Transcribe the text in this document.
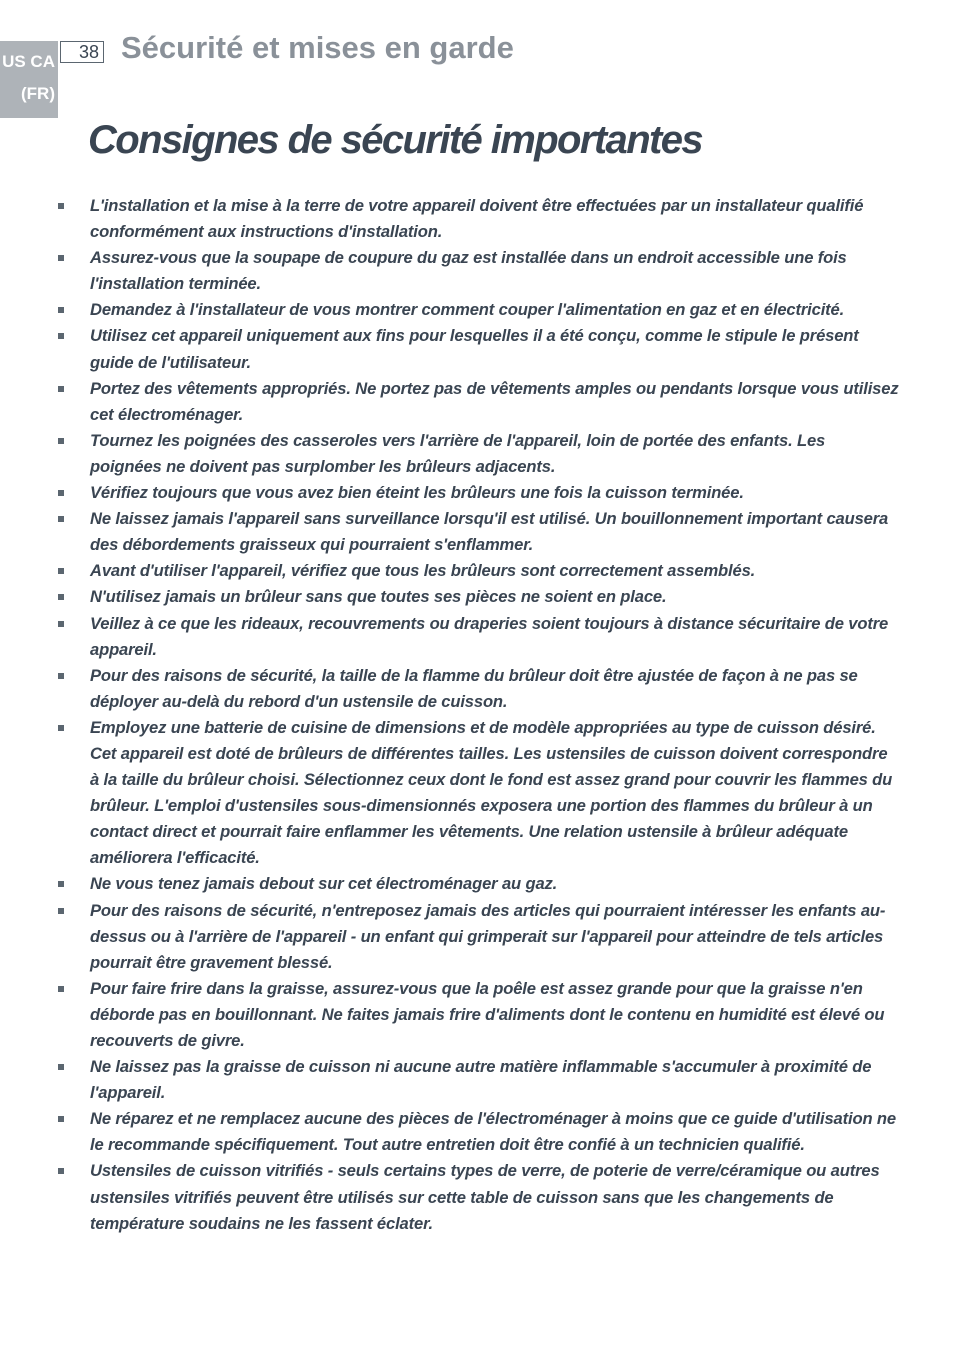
US CA
(FR)
38 Sécurité et mises en garde
Consignes de sécurité importantes
L'installation et la mise à la terre de votre appareil doivent être effectuées par un installateur qualifié conformément aux instructions d'installation.
Assurez-vous que la soupape de coupure du gaz est installée dans un endroit accessible une fois l'installation terminée.
Demandez à l'installateur de vous montrer comment couper l'alimentation en gaz et en électricité.
Utilisez cet appareil uniquement aux fins pour lesquelles il a été conçu, comme le stipule le présent guide de l'utilisateur.
Portez des vêtements appropriés. Ne portez pas de vêtements amples ou pendants lorsque vous utilisez cet électroménager.
Tournez les poignées des casseroles vers l'arrière de l'appareil, loin de portée des enfants. Les poignées ne doivent pas surplomber les brûleurs adjacents.
Vérifiez toujours que vous avez bien éteint les brûleurs une fois la cuisson terminée.
Ne laissez jamais l'appareil sans surveillance lorsqu'il est utilisé. Un bouillonnement important causera des débordements graisseux qui pourraient s'enflammer.
Avant d'utiliser l'appareil, vérifiez que tous les brûleurs sont correctement assemblés.
N'utilisez jamais un brûleur sans que toutes ses pièces ne soient en place.
Veillez à ce que les rideaux, recouvrements ou draperies soient toujours à distance sécuritaire de votre appareil.
Pour des raisons de sécurité, la taille de la flamme du brûleur doit être ajustée de façon à ne pas se déployer au-delà du rebord d'un ustensile de cuisson.
Employez une batterie de cuisine de dimensions et de modèle appropriées au type de cuisson désiré. Cet appareil est doté de brûleurs de différentes tailles. Les ustensiles de cuisson doivent correspondre à la taille du brûleur choisi. Sélectionnez ceux dont le fond est assez grand pour couvrir les flammes du brûleur. L'emploi d'ustensiles sous-dimensionnés exposera une portion des flammes du brûleur à un contact direct et pourrait faire enflammer les vêtements. Une relation ustensile à brûleur adéquate améliorera l'efficacité.
Ne vous tenez jamais debout sur cet électroménager au gaz.
Pour des raisons de sécurité, n'entreposez jamais des articles qui pourraient intéresser les enfants au-dessus ou à l'arrière de l'appareil - un enfant qui grimperait sur l'appareil pour atteindre de tels articles pourrait être gravement blessé.
Pour faire frire dans la graisse, assurez-vous que la poêle est assez grande pour que la graisse n'en déborde pas en bouillonnant. Ne faites jamais frire d'aliments dont le contenu en humidité est élevé ou recouverts de givre.
Ne laissez pas la graisse de cuisson ni aucune autre matière inflammable s'accumuler à proximité de l'appareil.
Ne réparez et ne remplacez aucune des pièces de l'électroménager à moins que ce guide d'utilisation ne le recommande spécifiquement. Tout autre entretien doit être confié à un technicien qualifié.
Ustensiles de cuisson vitrifiés - seuls certains types de verre, de poterie de verre/céramique ou autres ustensiles vitrifiés peuvent être utilisés sur cette table de cuisson sans que les changements de température soudains ne les fassent éclater.
